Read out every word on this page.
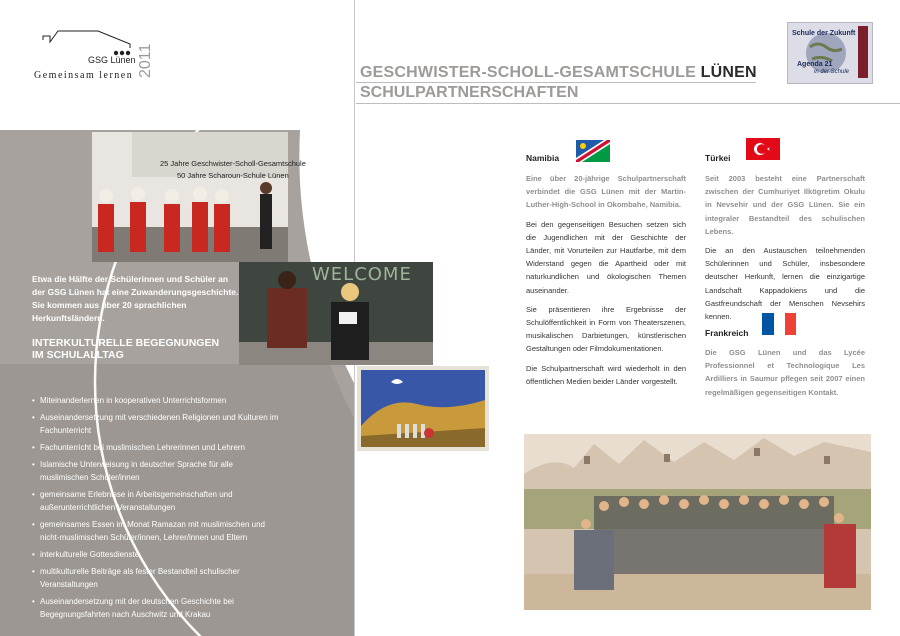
GSG Lünen
Gemeinsam lernen 2011	GESCHWISTER-SCHOLL-GESAMTSCHULE LÜNEN
SCHULPARTNERSCHAFTEN
Schule der Zukunft
Agenda 21
in der Schule
25 Jahre Geschwister-Scholl-Gesamtschule
50 Jahre Scharoun-Schule Lünen
WELCOME
Etwa die Hälfte der Schülerinnen und Schüler an der GSG Lünen hat eine Zuwanderungsgeschichte. Sie kommen aus über 20 sprachlichen Herkunftsländern.
INTERKULTURELLE BEGEGNUNGEN
IM SCHULALLTAG
• Miteinanderlernen in kooperativen Unterrichtsformen
• Auseinandersetzung mit verschiedenen Religionen und Kulturen im Fachunterricht
• Fachunterricht bei muslimischen Lehrerinnen und Lehrern
• Islamische Unterweisung in deutscher Sprache für alle muslimischen Schüler/innen
• gemeinsame Erlebnisse in Arbeitsgemeinschaften und außerunterrichtlichen Veranstaltungen
• gemeinsames Essen im Monat Ramazan mit muslimischen und nicht-muslimischen Schüler/innen, Lehrer/innen und Eltern
• interkulturelle Gottesdienste
• multikulturelle Beiträge als fester Bestandteil schulischer Veranstaltungen
• Auseinandersetzung mit der deutschen Geschichte bei Begegnungsfahrten nach Auschwitz und Krakau
Namibia

Eine über 20-jährige Schulpartnerschaft verbindet die GSG Lünen mit der Martin-Luther-High-School in Okombahe, Namibia.

Bei den gegenseitigen Besuchen setzen sich die Jugendlichen mit der Geschichte der Länder, mit Vorurteilen zur Hautfarbe, mit dem Widerstand gegen die Apartheid oder mit naturkundlichen und ökologischen Themen auseinander.

Sie präsentieren ihre Ergebnisse der Schulöffentlichkeit in Form von Theaterszenen, musikalischen Darbietungen, künstlerischen Gestaltungen oder Filmdokumentationen.

Die Schulpartnerschaft wird wiederholt in den öffentlichen Medien beider Länder vorgestellt.

Türkei

Seit 2003 besteht eine Partnerschaft zwischen der Cumhuriyet Ilkögretim Okulu in Nevsehir und der GSG Lünen. Sie ein integraler Bestandteil des schulischen Lebens.

Die an den Austauschen teilnehmenden Schülerinnen und Schüler, insbesondere deutscher Herkunft, lernen die einzigartige Landschaft Kappadokiens und die Gastfreundschaft der Menschen Nevsehirs kennen.

Frankreich

Die GSG Lünen und das Lycée Professionnel et Technologique Les Ardilliers in Saumur pflegen seit 2007 einen regelmäßigen gegenseitigen Kontakt.
